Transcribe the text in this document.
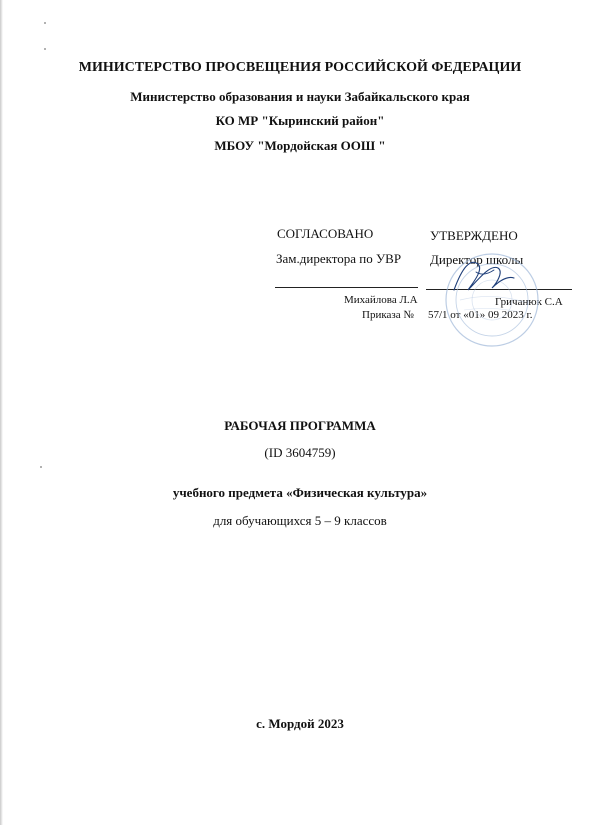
МИНИСТЕРСТВО ПРОСВЕЩЕНИЯ РОССИЙСКОЙ ФЕДЕРАЦИИ
Министерство образования и науки Забайкальского края
КО МР "Кыринский район"
МБОУ "Мордойская ООШ "
СОГЛАСОВАНО
Зам.директора по УВР
Михайлова Л.А
Приказа №
УТВЕРЖДЕНО
Директор школы
Гричанюк С.А
57/1 от «01» 09 2023 г.
РАБОЧАЯ ПРОГРАММА
(ID 3604759)
учебного предмета «Физическая культура»
для обучающихся 5 – 9 классов
с. Мордой 2023
